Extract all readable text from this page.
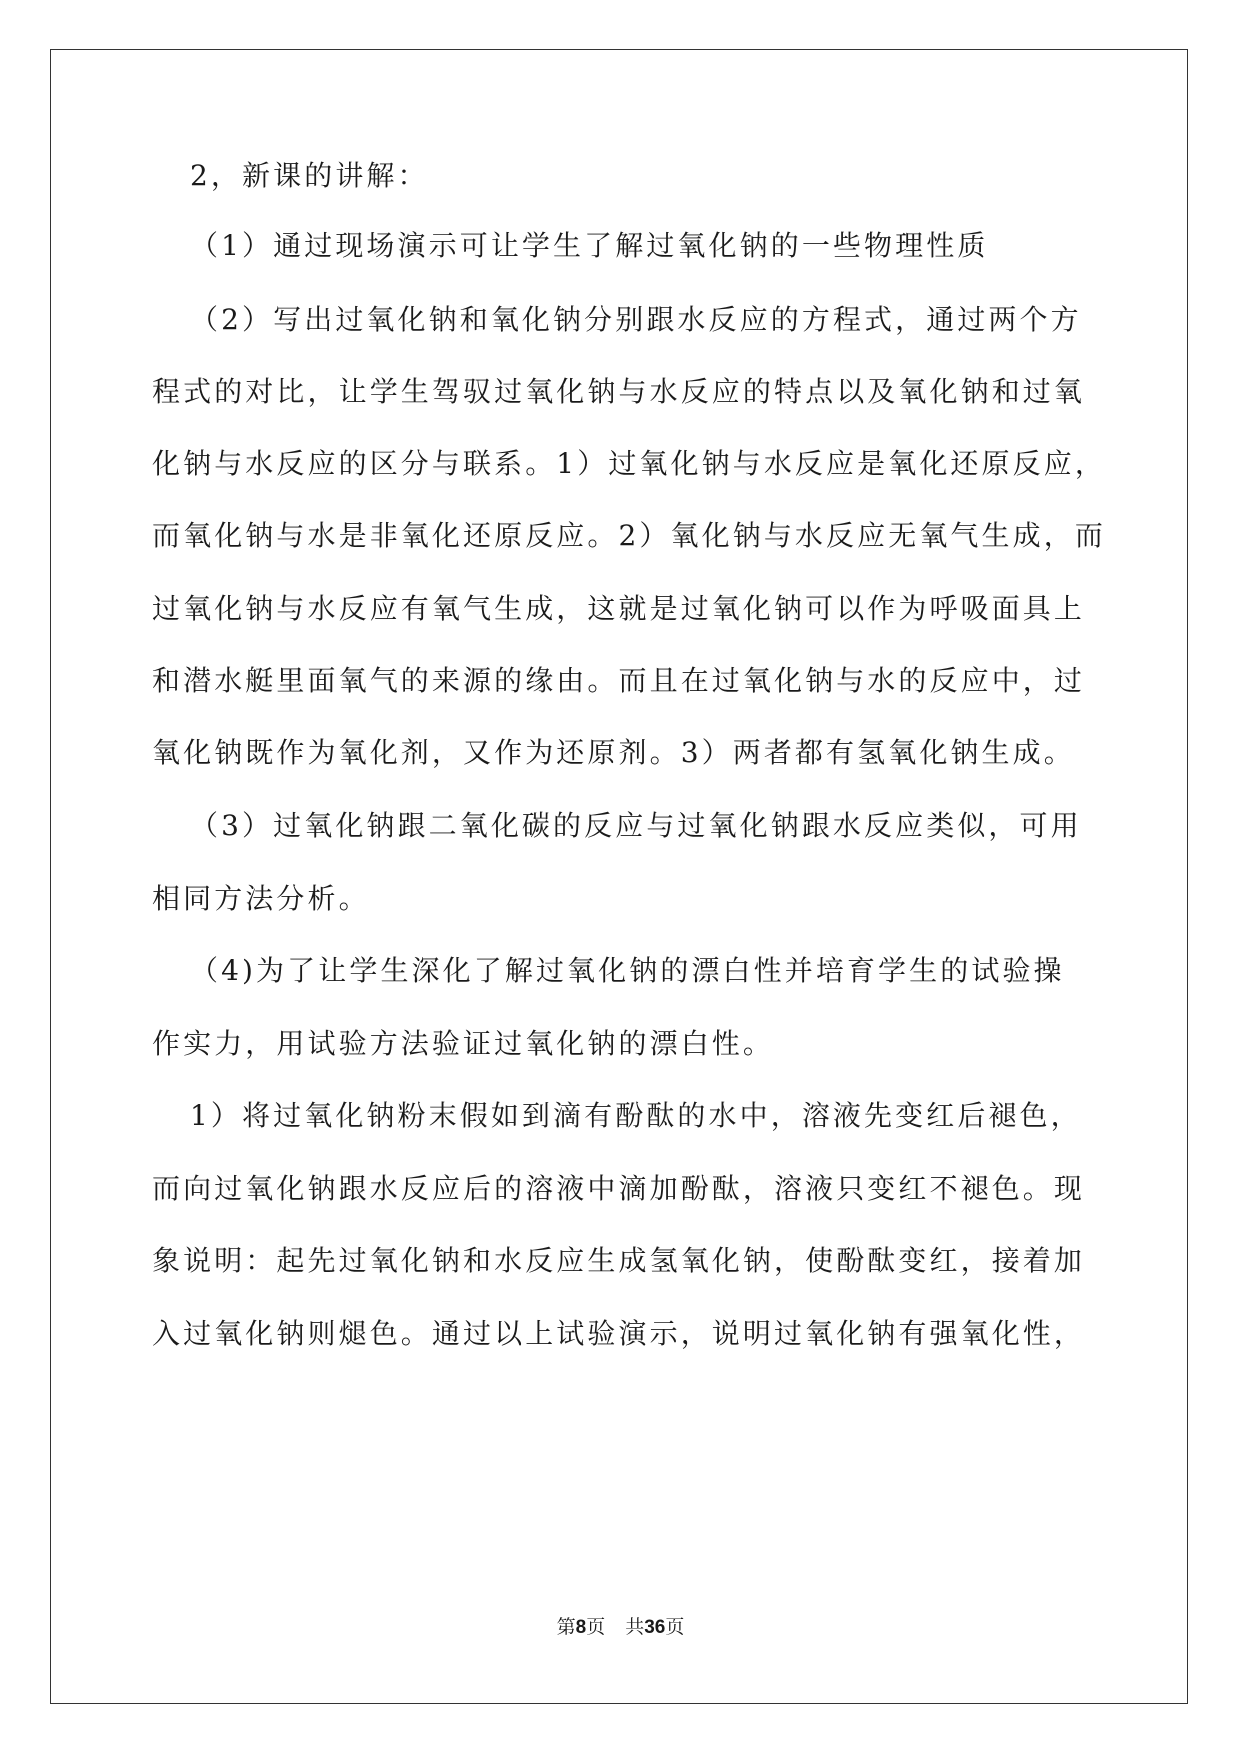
2，新课的讲解：
（1）通过现场演示可让学生了解过氧化钠的一些物理性质
（2）写出过氧化钠和氧化钠分别跟水反应的方程式，通过两个方
程式的对比，让学生驾驭过氧化钠与水反应的特点以及氧化钠和过氧
化钠与水反应的区分与联系。1）过氧化钠与水反应是氧化还原反应，
而氧化钠与水是非氧化还原反应。2）氧化钠与水反应无氧气生成，而
过氧化钠与水反应有氧气生成，这就是过氧化钠可以作为呼吸面具上
和潜水艇里面氧气的来源的缘由。而且在过氧化钠与水的反应中，过
氧化钠既作为氧化剂，又作为还原剂。3）两者都有氢氧化钠生成。
（3）过氧化钠跟二氧化碳的反应与过氧化钠跟水反应类似，可用
相同方法分析。
（4)为了让学生深化了解过氧化钠的漂白性并培育学生的试验操
作实力，用试验方法验证过氧化钠的漂白性。
1）将过氧化钠粉末假如到滴有酚酞的水中，溶液先变红后褪色，
而向过氧化钠跟水反应后的溶液中滴加酚酞，溶液只变红不褪色。现
象说明：起先过氧化钠和水反应生成氢氧化钠，使酚酞变红，接着加
入过氧化钠则煺色。通过以上试验演示，说明过氧化钠有强氧化性，
第8页 共36页
